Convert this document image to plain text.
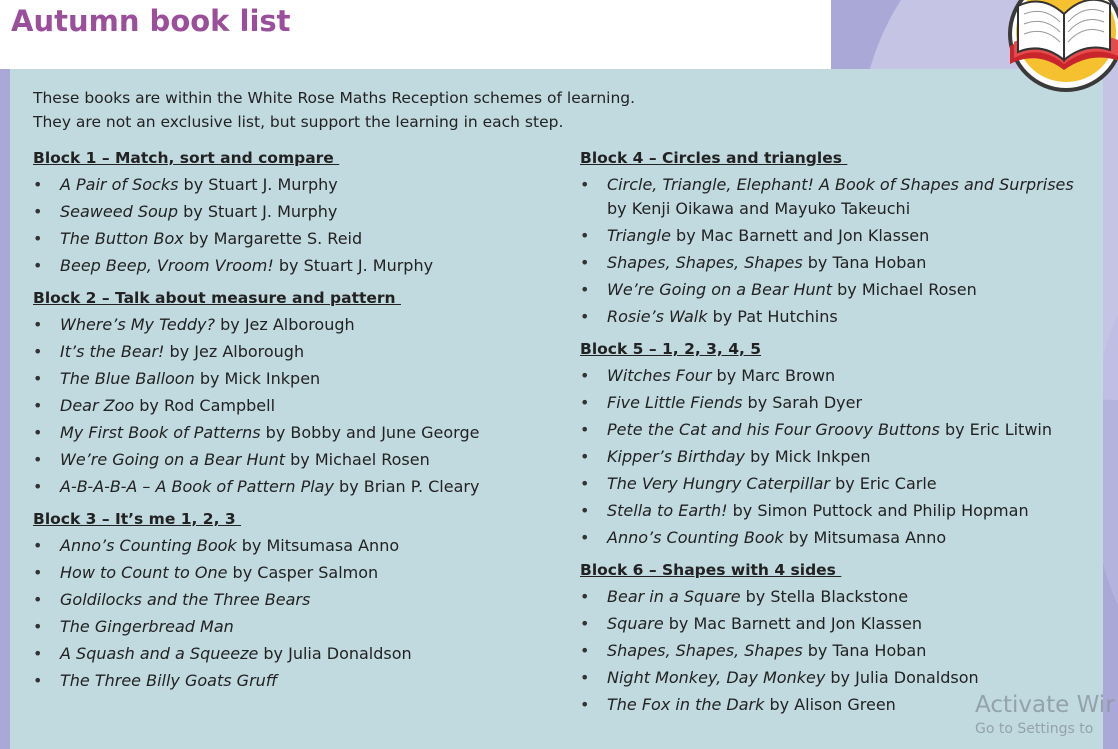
Autumn book list

These books are within the White Rose Maths Reception schemes of learning.

They are not an exclusive list, but support the learning in each step.

Block 1 – Match, sort and compare
• A Pair of Socks by Stuart J. Murphy
• Seaweed Soup by Stuart J. Murphy
• The Button Box by Margarette S. Reid
• Beep Beep, Vroom Vroom! by Stuart J. Murphy
Block 2 – Talk about measure and pattern
• Where’s My Teddy? by Jez Alborough
• It’s the Bear! by Jez Alborough
• The Blue Balloon by Mick Inkpen
• Dear Zoo by Rod Campbell
• My First Book of Patterns by Bobby and June George
• We’re Going on a Bear Hunt by Michael Rosen
• A-B-A-B-A – A Book of Pattern Play by Brian P. Cleary
Block 3 – It’s me 1, 2, 3
• Anno’s Counting Book by Mitsumasa Anno
• How to Count to One by Casper Salmon
• Goldilocks and the Three Bears
• The Gingerbread Man
• A Squash and a Squeeze by Julia Donaldson
• The Three Billy Goats Gruff
Block 4 – Circles and triangles
• Circle, Triangle, Elephant! A Book of Shapes and Surprises by Kenji Oikawa and Mayuko Takeuchi
• Triangle by Mac Barnett and Jon Klassen
• Shapes, Shapes, Shapes by Tana Hoban
• We’re Going on a Bear Hunt by Michael Rosen
• Rosie’s Walk by Pat Hutchins
Block 5 – 1, 2, 3, 4, 5
• Witches Four by Marc Brown
• Five Little Fiends by Sarah Dyer
• Pete the Cat and his Four Groovy Buttons by Eric Litwin
• Kipper’s Birthday by Mick Inkpen
• The Very Hungry Caterpillar by Eric Carle
• Stella to Earth! by Simon Puttock and Philip Hopman
• Anno’s Counting Book by Mitsumasa Anno
Block 6 – Shapes with 4 sides
• Bear in a Square by Stella Blackstone
• Square by Mac Barnett and Jon Klassen
• Shapes, Shapes, Shapes by Tana Hoban
• Night Monkey, Day Monkey by Julia Donaldson
• The Fox in the Dark by Alison Green	Activate Wir
Go to Settings to
